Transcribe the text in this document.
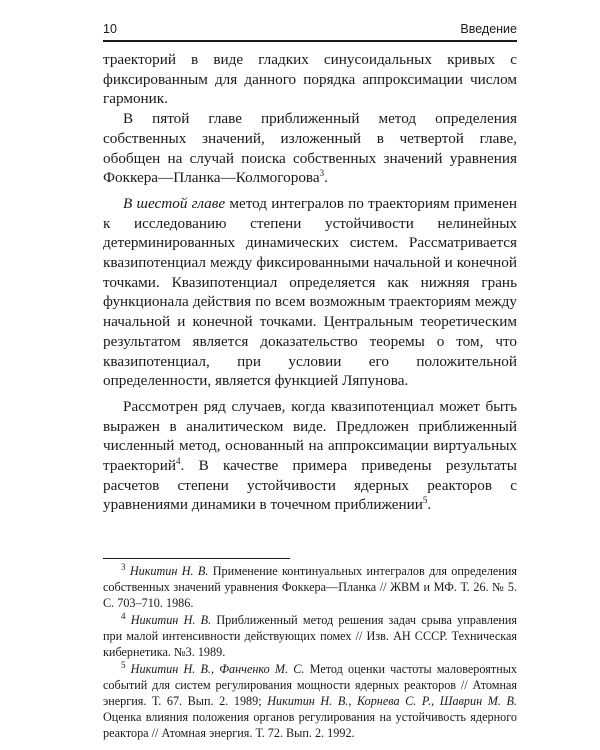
10	Введение

траекторий в виде гладких синусоидальных кривых с фиксированным для данного порядка аппроксимации числом гармоник.

В пятой главе приближенный метод определения собственных значений, изложенный в четвертой главе, обобщен на случай поиска собственных значений уравнения Фоккера—Планка—Колмогорова$^3$.

В шестой главе метод интегралов по траекториям применен к исследованию степени устойчивости нелинейных детерминированных динамических систем. Рассматривается квазипотенциал между фиксированными начальной и конечной точками. Квазипотенциал определяется как нижняя грань функционала действия по всем возможным траекториям между начальной и конечной точками. Центральным теоретическим результатом является доказательство теоремы о том, что квазипотенциал, при условии его положительной определенности, является функцией Ляпунова.

Рассмотрен ряд случаев, когда квазипотенциал может быть выражен в аналитическом виде. Предложен приближенный численный метод, основанный на аппроксимации виртуальных траекторий$^4$. В качестве примера приведены результаты расчетов степени устойчивости ядерных реакторов с уравнениями динамики в точечном приближении$^5$.

$^3$ Никитин Н. В. Применение континуальных интегралов для определения собственных значений уравнения Фоккера—Планка // ЖВМ и МФ. Т. 26. № 5. С. 703–710. 1986.

$^4$ Никитин Н. В. Приближенный метод решения задач срыва управления при малой интенсивности действующих помех // Изв. АН СССР. Техническая кибернетика. №3. 1989.

$^5$ Никитин Н. В., Фанченко М. С. Метод оценки частоты маловероятных событий для систем регулирования мощности ядерных реакторов // Атомная энергия. Т. 67. Вып. 2. 1989; Никитин Н. В., Корнева С. Р., Шаврин М. В. Оценка влияния положения органов регулирования на устойчивость ядерного реактора // Атомная энергия. Т. 72. Вып. 2. 1992.
